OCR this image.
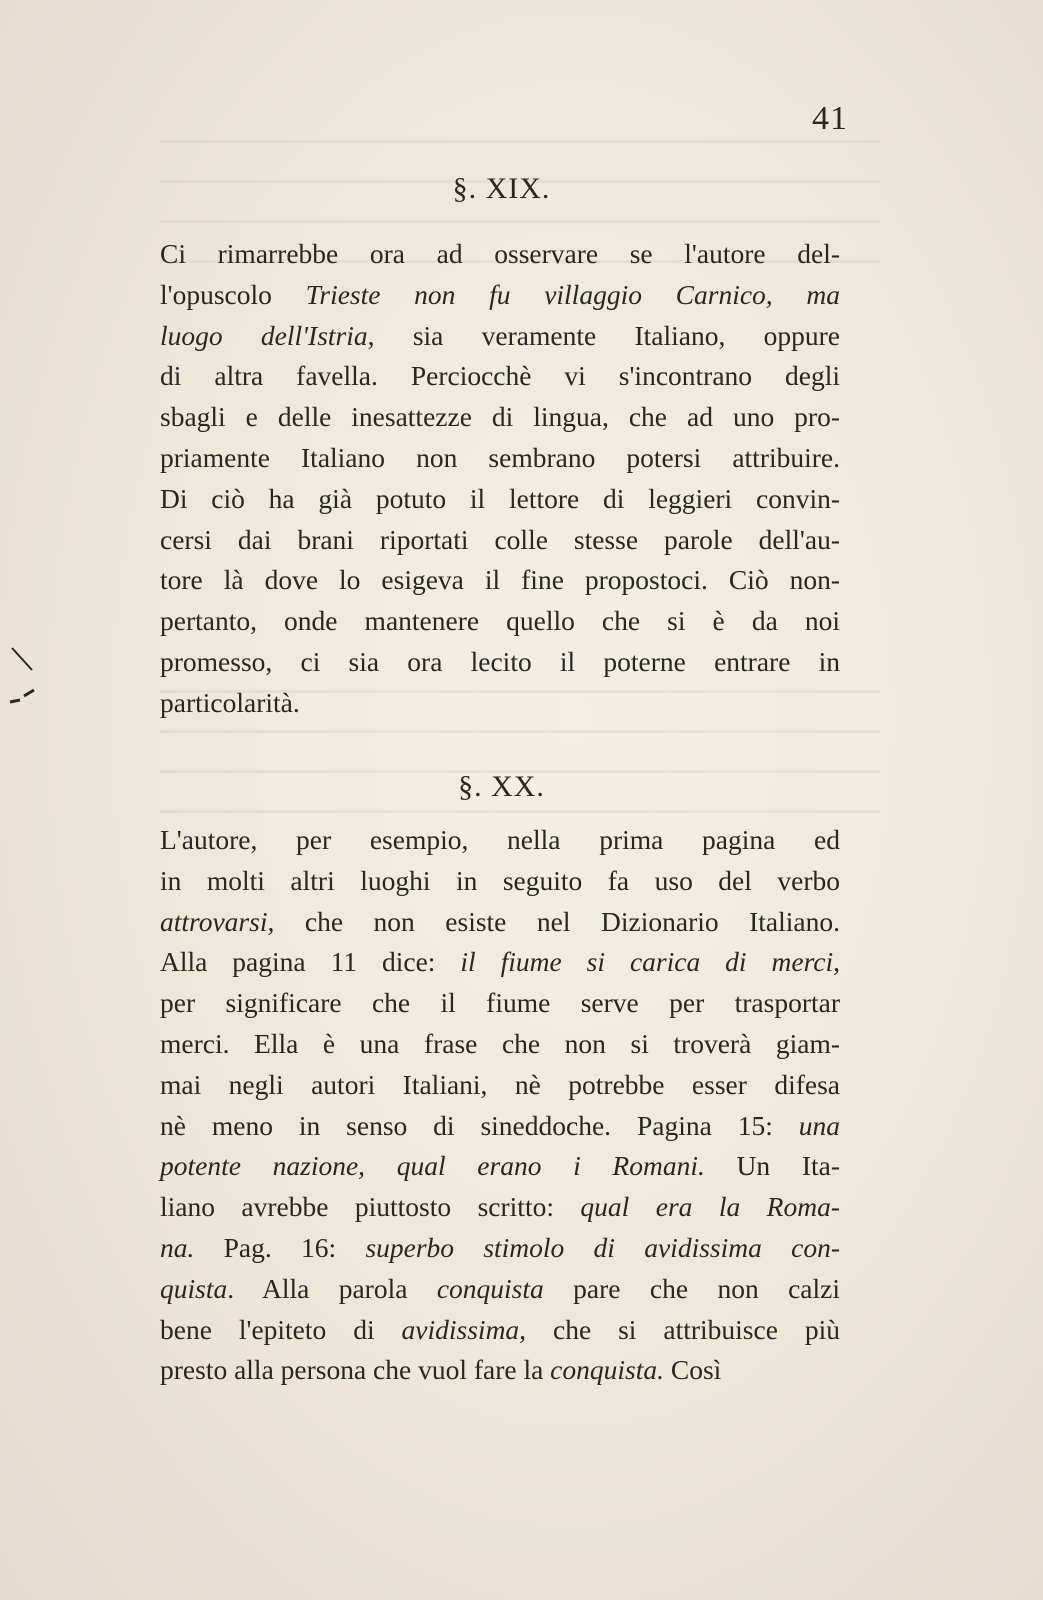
41
§. XIX.
Ci rimarrebbe ora ad osservare se l'autore del-
l'opuscolo Trieste non fu villaggio Carnico, ma
luogo dell'Istria, sia veramente Italiano, oppure
di altra favella. Perciocchè vi s'incontrano degli
sbagli e delle inesattezze di lingua, che ad uno pro-
priamente Italiano non sembrano potersi attribuire.
Di ciò ha già potuto il lettore di leggieri convin-
cersi dai brani riportati colle stesse parole dell'au-
tore là dove lo esigeva il fine propostoci. Ciò non-
pertanto, onde mantenere quello che si è da noi
promesso, ci sia ora lecito il poterne entrare in
particolarità.
§. XX.
L'autore, per esempio, nella prima pagina ed
in molti altri luoghi in seguito fa uso del verbo
attrovarsi, che non esiste nel Dizionario Italiano.
Alla pagina 11 dice: il fiume si carica di merci,
per significare che il fiume serve per trasportar
merci. Ella è una frase che non si troverà giam-
mai negli autori Italiani, nè potrebbe esser difesa
nè meno in senso di sineddoche. Pagina 15: una
potente nazione, qual erano i Romani. Un Ita-
liano avrebbe piuttosto scritto: qual era la Roma-
na. Pag. 16: superbo stimolo di avidissima con-
quista. Alla parola conquista pare che non calzi
bene l'epiteto di avidissima, che si attribuisce più
presto alla persona che vuol fare la conquista. Così
